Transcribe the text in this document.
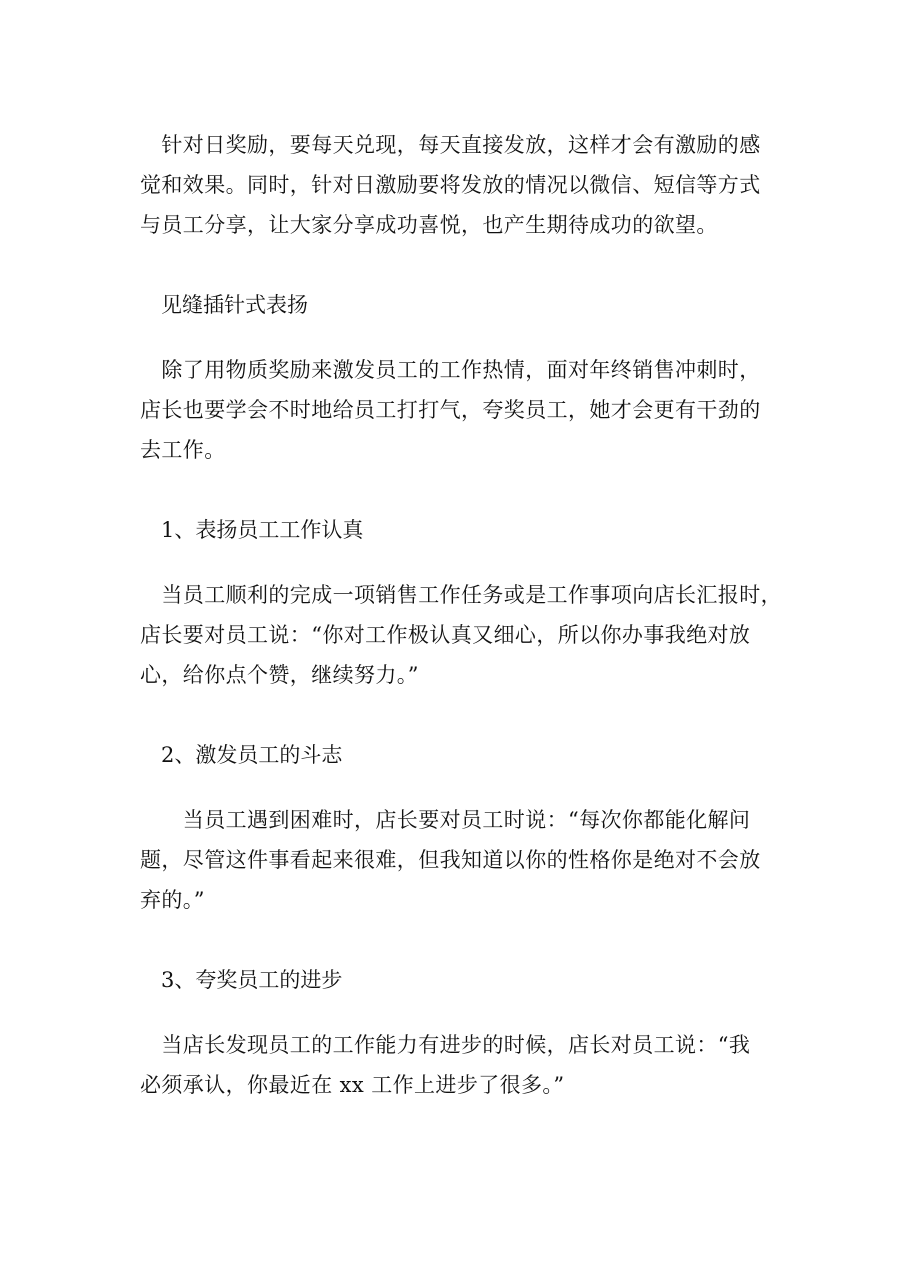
　针对日奖励，要每天兑现，每天直接发放，这样才会有激励的感
觉和效果。同时，针对日激励要将发放的情况以微信、短信等方式
与员工分享，让大家分享成功喜悦，也产生期待成功的欲望。
　见缝插针式表扬
　除了用物质奖励来激发员工的工作热情，面对年终销售冲刺时，
店长也要学会不时地给员工打打气，夸奖员工，她才会更有干劲的
去工作。
　1、表扬员工工作认真
　当员工顺利的完成一项销售工作任务或是工作事项向店长汇报时，
店长要对员工说：“你对工作极认真又细心，所以你办事我绝对放
心，给你点个赞，继续努力。”
　2、激发员工的斗志
　　当员工遇到困难时，店长要对员工时说：“每次你都能化解问
题，尽管这件事看起来很难，但我知道以你的性格你是绝对不会放
弃的。”
　3、夸奖员工的进步
　当店长发现员工的工作能力有进步的时候，店长对员工说：“我
必须承认，你最近在 xx 工作上进步了很多。”
